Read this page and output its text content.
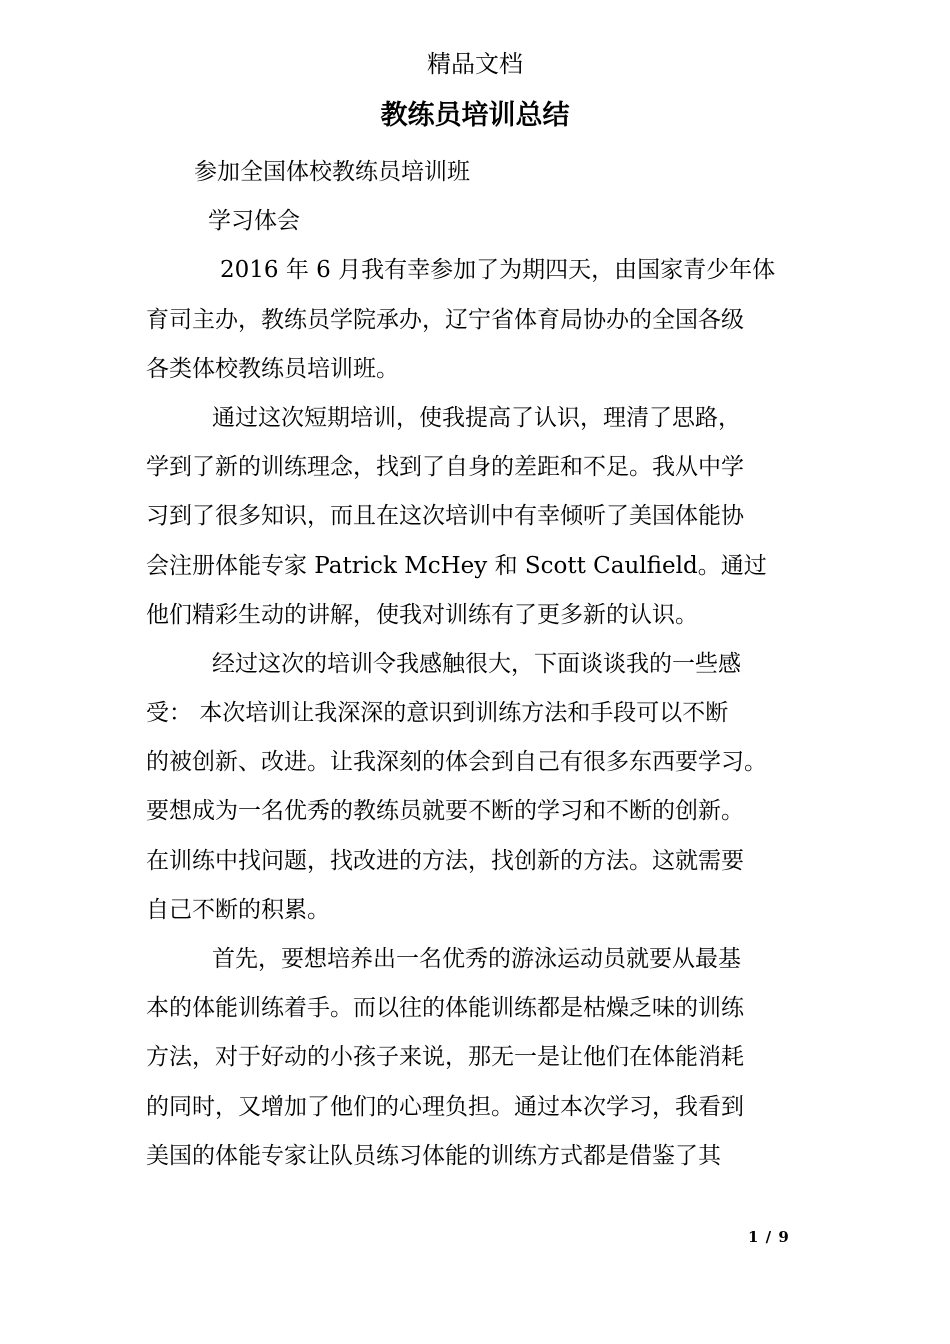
精品文档
教练员培训总结
参加全国体校教练员培训班
学习体会
2016 年 6 月我有幸参加了为期四天，由国家青少年体
育司主办，教练员学院承办，辽宁省体育局协办的全国各级
各类体校教练员培训班。
通过这次短期培训，使我提高了认识，理清了思路，
学到了新的训练理念，找到了自身的差距和不足。我从中学
习到了很多知识，而且在这次培训中有幸倾听了美国体能协
会注册体能专家 Patrick McHey 和 Scott Caulfield。通过
他们精彩生动的讲解，使我对训练有了更多新的认识。
经过这次的培训令我感触很大，下面谈谈我的一些感
受： 本次培训让我深深的意识到训练方法和手段可以不断
的被创新、改进。让我深刻的体会到自己有很多东西要学习。
要想成为一名优秀的教练员就要不断的学习和不断的创新。
在训练中找问题，找改进的方法，找创新的方法。这就需要
自己不断的积累。
首先，要想培养出一名优秀的游泳运动员就要从最基
本的体能训练着手。而以往的体能训练都是枯燥乏味的训练
方法，对于好动的小孩子来说，那无一是让他们在体能消耗
的同时，又增加了他们的心理负担。通过本次学习，我看到
美国的体能专家让队员练习体能的训练方式都是借鉴了其
1 / 9
